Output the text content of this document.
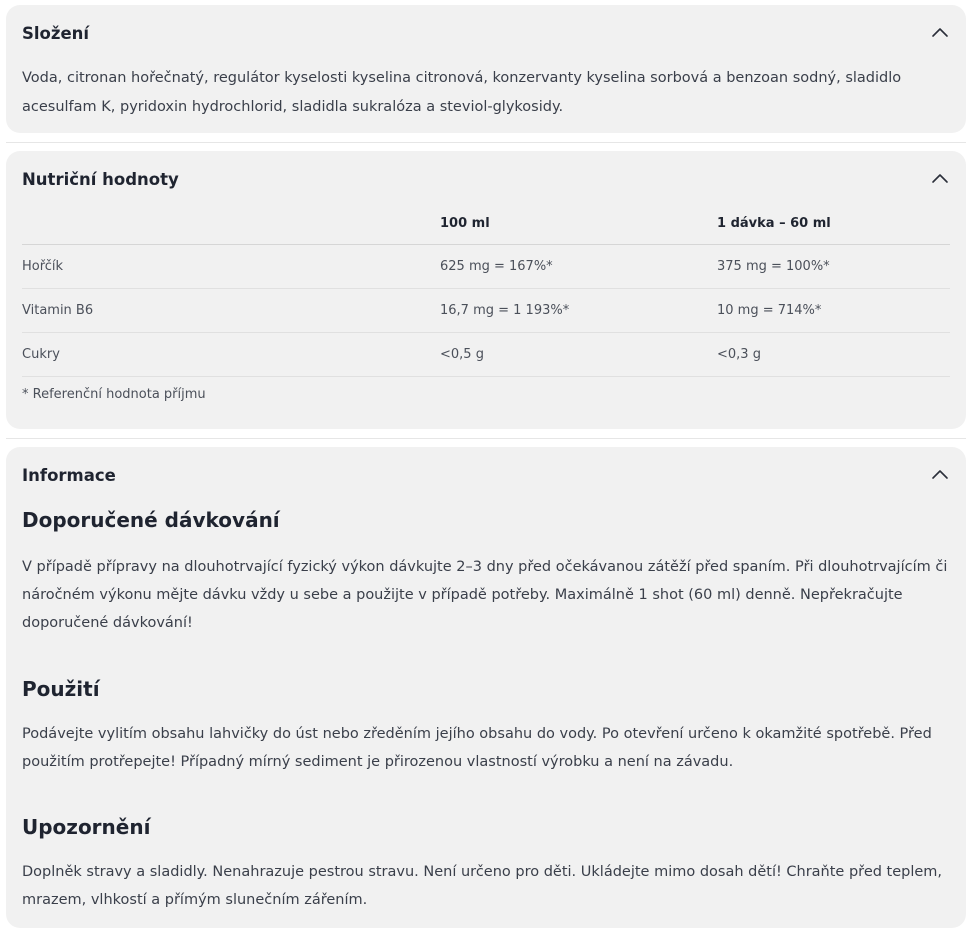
Složení
Voda, citronan hořečnatý, regulátor kyselosti kyselina citronová, konzervanty kyselina sorbová a benzoan sodný, sladidlo acesulfam K, pyridoxin hydrochlorid, sladidla sukralóza a steviol-glykosidy.
Nutriční hodnoty
	100 ml	1 dávka – 60 ml
Hořčík	625 mg = 167%*	375 mg = 100%*
Vitamin B6	16,7 mg = 1 193%*	10 mg = 714%*
Cukry	<0,5 g	<0,3 g
* Referenční hodnota příjmu
Informace
Doporučené dávkování
V případě přípravy na dlouhotrvající fyzický výkon dávkujte 2–3 dny před očekávanou zátěží před spaním. Při dlouhotrvajícím či náročném výkonu mějte dávku vždy u sebe a použijte v případě potřeby. Maximálně 1 shot (60 ml) denně. Nepřekračujte doporučené dávkování!
Použití
Podávejte vylitím obsahu lahvičky do úst nebo zředěním jejího obsahu do vody. Po otevření určeno k okamžité spotřebě. Před použitím protřepejte! Případný mírný sediment je přirozenou vlastností výrobku a není na závadu.
Upozornění
Doplněk stravy a sladidly. Nenahrazuje pestrou stravu. Není určeno pro děti. Ukládejte mimo dosah dětí! Chraňte před teplem, mrazem, vlhkostí a přímým slunečním zářením.
